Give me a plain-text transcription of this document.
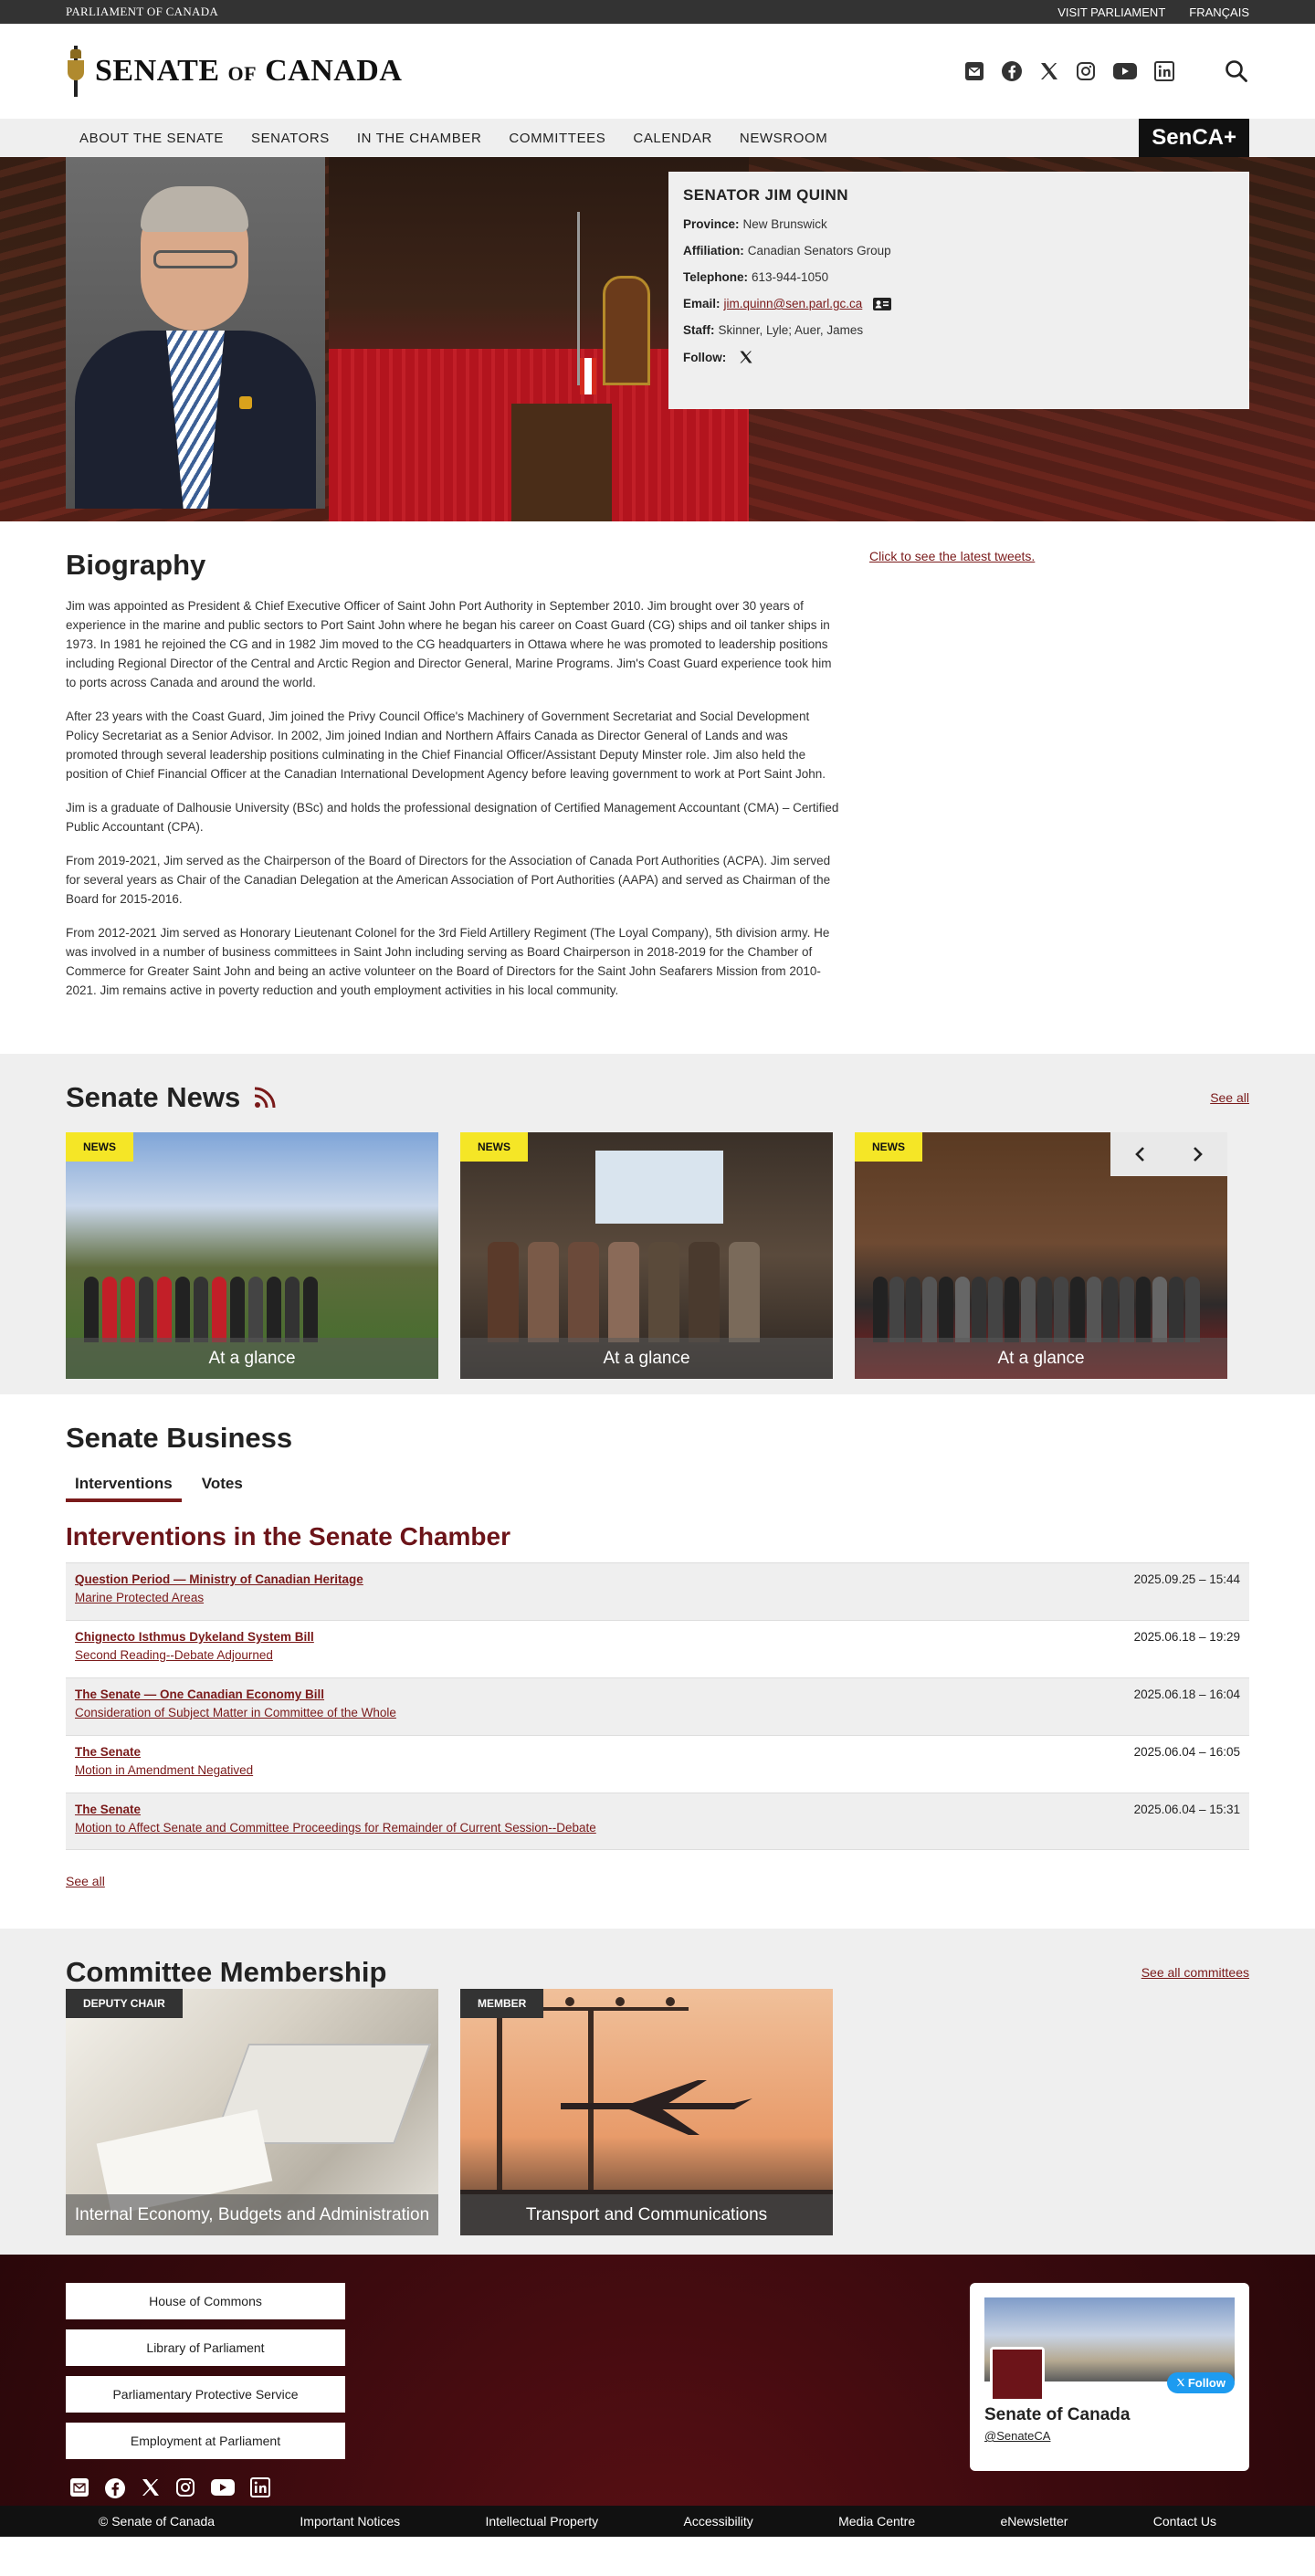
PARLIAMENT OF CANADA	VISIT PARLIAMENT FRANÇAIS
SENATE OF CANADA
ABOUT THE SENATE	SENATORS	IN THE CHAMBER	COMMITTEES	CALENDAR	NEWSROOM	SenCA+
SENATOR JIM QUINN
Province: New Brunswick
Affiliation: Canadian Senators Group
Telephone: 613-944-1050
Email: jim.quinn@sen.parl.gc.ca
Staff: Skinner, Lyle; Auer, James
Follow:
Click to see the latest tweets.
Biography

Jim was appointed as President & Chief Executive Officer of Saint John Port Authority in September 2010. Jim brought over 30 years of experience in the marine and public sectors to Port Saint John where he began his career on Coast Guard (CG) ships and oil tanker ships in 1973. In 1981 he rejoined the CG and in 1982 Jim moved to the CG headquarters in Ottawa where he was promoted to leadership positions including Regional Director of the Central and Arctic Region and Director General, Marine Programs. Jim's Coast Guard experience took him to ports across Canada and around the world.

After 23 years with the Coast Guard, Jim joined the Privy Council Office's Machinery of Government Secretariat and Social Development Policy Secretariat as a Senior Advisor. In 2002, Jim joined Indian and Northern Affairs Canada as Director General of Lands and was promoted through several leadership positions culminating in the Chief Financial Officer/Assistant Deputy Minster role. Jim also held the position of Chief Financial Officer at the Canadian International Development Agency before leaving government to work at Port Saint John.

Jim is a graduate of Dalhousie University (BSc) and holds the professional designation of Certified Management Accountant (CMA) – Certified Public Accountant (CPA).

From 2019-2021, Jim served as the Chairperson of the Board of Directors for the Association of Canada Port Authorities (ACPA). Jim served for several years as Chair of the Canadian Delegation at the American Association of Port Authorities (AAPA) and served as Chairman of the Board for 2015-2016.

From 2012-2021 Jim served as Honorary Lieutenant Colonel for the 3rd Field Artillery Regiment (The Loyal Company), 5th division army. He was involved in a number of business committees in Saint John including serving as Board Chairperson in 2018-2019 for the Chamber of Commerce for Greater Saint John and being an active volunteer on the Board of Directors for the Saint John Seafarers Mission from 2010-2021. Jim remains active in poverty reduction and youth employment activities in his local community.

Senate News	See all
NEWS
At a glance
NEWS
At a glance
NEWS
At a glance
Senate Business
Interventions	Votes
Interventions in the Senate Chamber
Question Period — Ministry of Canadian Heritage
Marine Protected Areas
2025.09.25 – 15:44
Chignecto Isthmus Dykeland System Bill
Second Reading--Debate Adjourned
2025.06.18 – 19:29
The Senate — One Canadian Economy Bill
Consideration of Subject Matter in Committee of the Whole
2025.06.18 – 16:04
The Senate
Motion in Amendment Negatived
2025.06.04 – 16:05
The Senate
Motion to Affect Senate and Committee Proceedings for Remainder of Current Session--Debate
2025.06.04 – 15:31
See all
Committee Membership	See all committees
DEPUTY CHAIR
Internal Economy, Budgets and Administration
MEMBER
Transport and Communications
House of Commons
Library of Parliament
Parliamentary Protective Service
Employment at Parliament
Follow
Senate of Canada
@SenateCA
© Senate of Canada	Important Notices	Intellectual Property	Accessibility	Media Centre	eNewsletter	Contact Us
